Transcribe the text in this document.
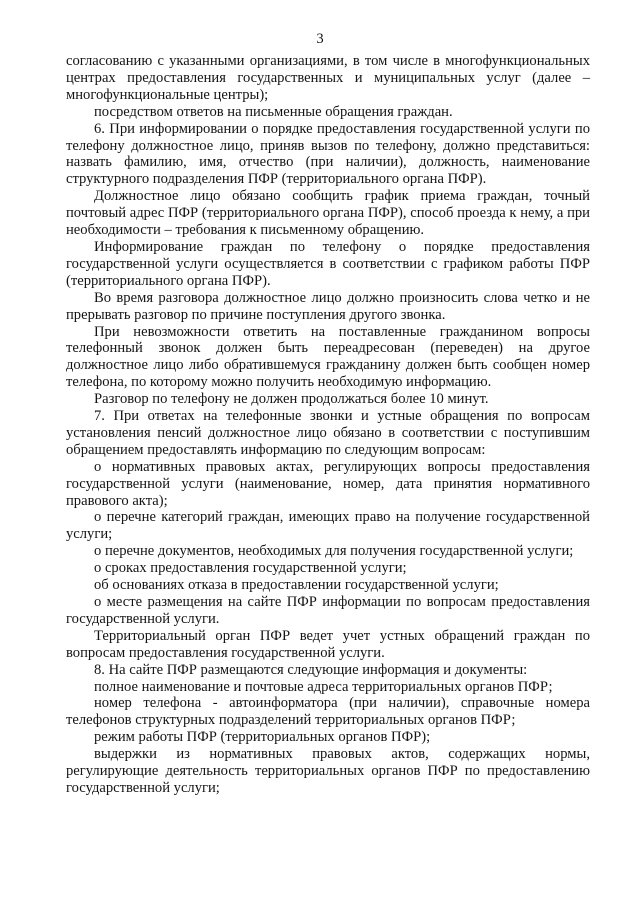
3

согласованию с указанными организациями, в том числе в многофункциональных центрах предоставления государственных и муниципальных услуг (далее – многофункциональные центры);

посредством ответов на письменные обращения граждан.

6. При информировании о порядке предоставления государственной услуги по телефону должностное лицо, приняв вызов по телефону, должно представиться: назвать фамилию, имя, отчество (при наличии), должность, наименование структурного подразделения ПФР (территориального органа ПФР).

Должностное лицо обязано сообщить график приема граждан, точный почтовый адрес ПФР (территориального органа ПФР), способ проезда к нему, а при необходимости – требования к письменному обращению.

Информирование граждан по телефону о порядке предоставления государственной услуги осуществляется в соответствии с графиком работы ПФР (территориального органа ПФР).

Во время разговора должностное лицо должно произносить слова четко и не прерывать разговор по причине поступления другого звонка.

При невозможности ответить на поставленные гражданином вопросы телефонный звонок должен быть переадресован (переведен) на другое должностное лицо либо обратившемуся гражданину должен быть сообщен номер телефона, по которому можно получить необходимую информацию.

Разговор по телефону не должен продолжаться более 10 минут.

7. При ответах на телефонные звонки и устные обращения по вопросам установления пенсий должностное лицо обязано в соответствии с поступившим обращением предоставлять информацию по следующим вопросам:

о нормативных правовых актах, регулирующих вопросы предоставления государственной услуги (наименование, номер, дата принятия нормативного правового акта);

о перечне категорий граждан, имеющих право на получение государственной услуги;

о перечне документов, необходимых для получения государственной услуги;

о сроках предоставления государственной услуги;

об основаниях отказа в предоставлении государственной услуги;

о месте размещения на сайте ПФР информации по вопросам предоставления государственной услуги.

Территориальный орган ПФР ведет учет устных обращений граждан по вопросам предоставления государственной услуги.

8. На сайте ПФР размещаются следующие информация и документы:

полное наименование и почтовые адреса территориальных органов ПФР;

номер телефона - автоинформатора (при наличии), справочные номера телефонов структурных подразделений территориальных органов ПФР;

режим работы ПФР (территориальных органов ПФР);

выдержки из нормативных правовых актов, содержащих нормы, регулирующие деятельность территориальных органов ПФР по предоставлению государственной услуги;
